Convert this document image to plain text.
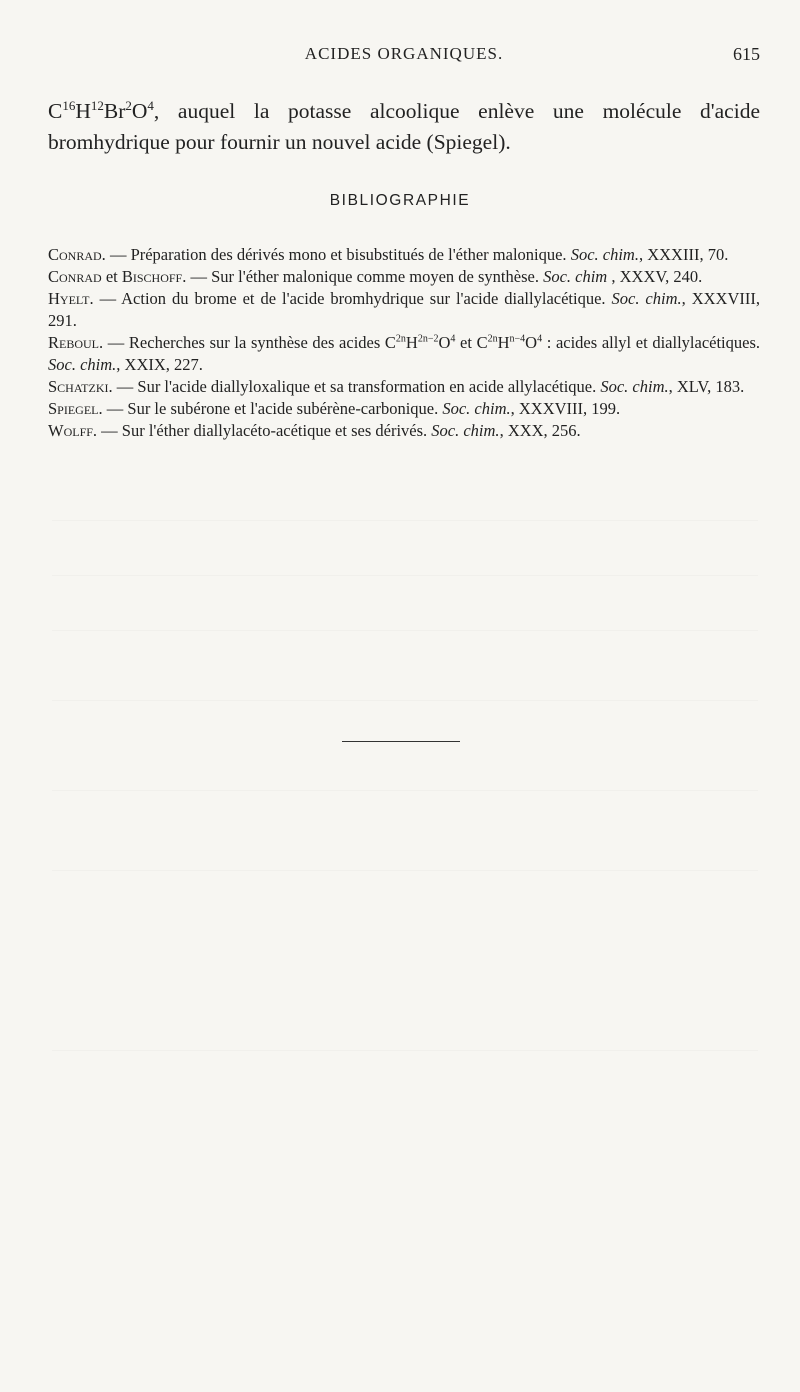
ACIDES ORGANIQUES.	615

$C^{16}H^{12}Br^2O^4$, auquel la potasse alcoolique enlève une molécule d'acide bromhydrique pour fournir un nouvel acide (Spiegel).

BIBLIOGRAPHIE

Conrad. — Préparation des dérivés mono et bisubstitués de l'éther malonique. Soc. chim., XXXIII, 70.

Conrad et Bischoff. — Sur l'éther malonique comme moyen de synthèse. Soc. chim , XXXV, 240.

Hyelt. — Action du brome et de l'acide bromhydrique sur l'acide diallylacétique. Soc. chim., XXXVIII, 291.

Reboul. — Recherches sur la synthèse des acides $C^{2n}H^{2n-2}O^4$ et $C^{2n}H^{n-4}O^4$ : acides allyl et diallylacétiques. Soc. chim., XXIX, 227.

Schatzki. — Sur l'acide diallyloxalique et sa transformation en acide allylacétique. Soc. chim., XLV, 183.

Spiegel. — Sur le subérone et l'acide subérène-carbonique. Soc. chim., XXXVIII, 199.

Wolff. — Sur l'éther diallylacéto-acétique et ses dérivés. Soc. chim., XXX, 256.
